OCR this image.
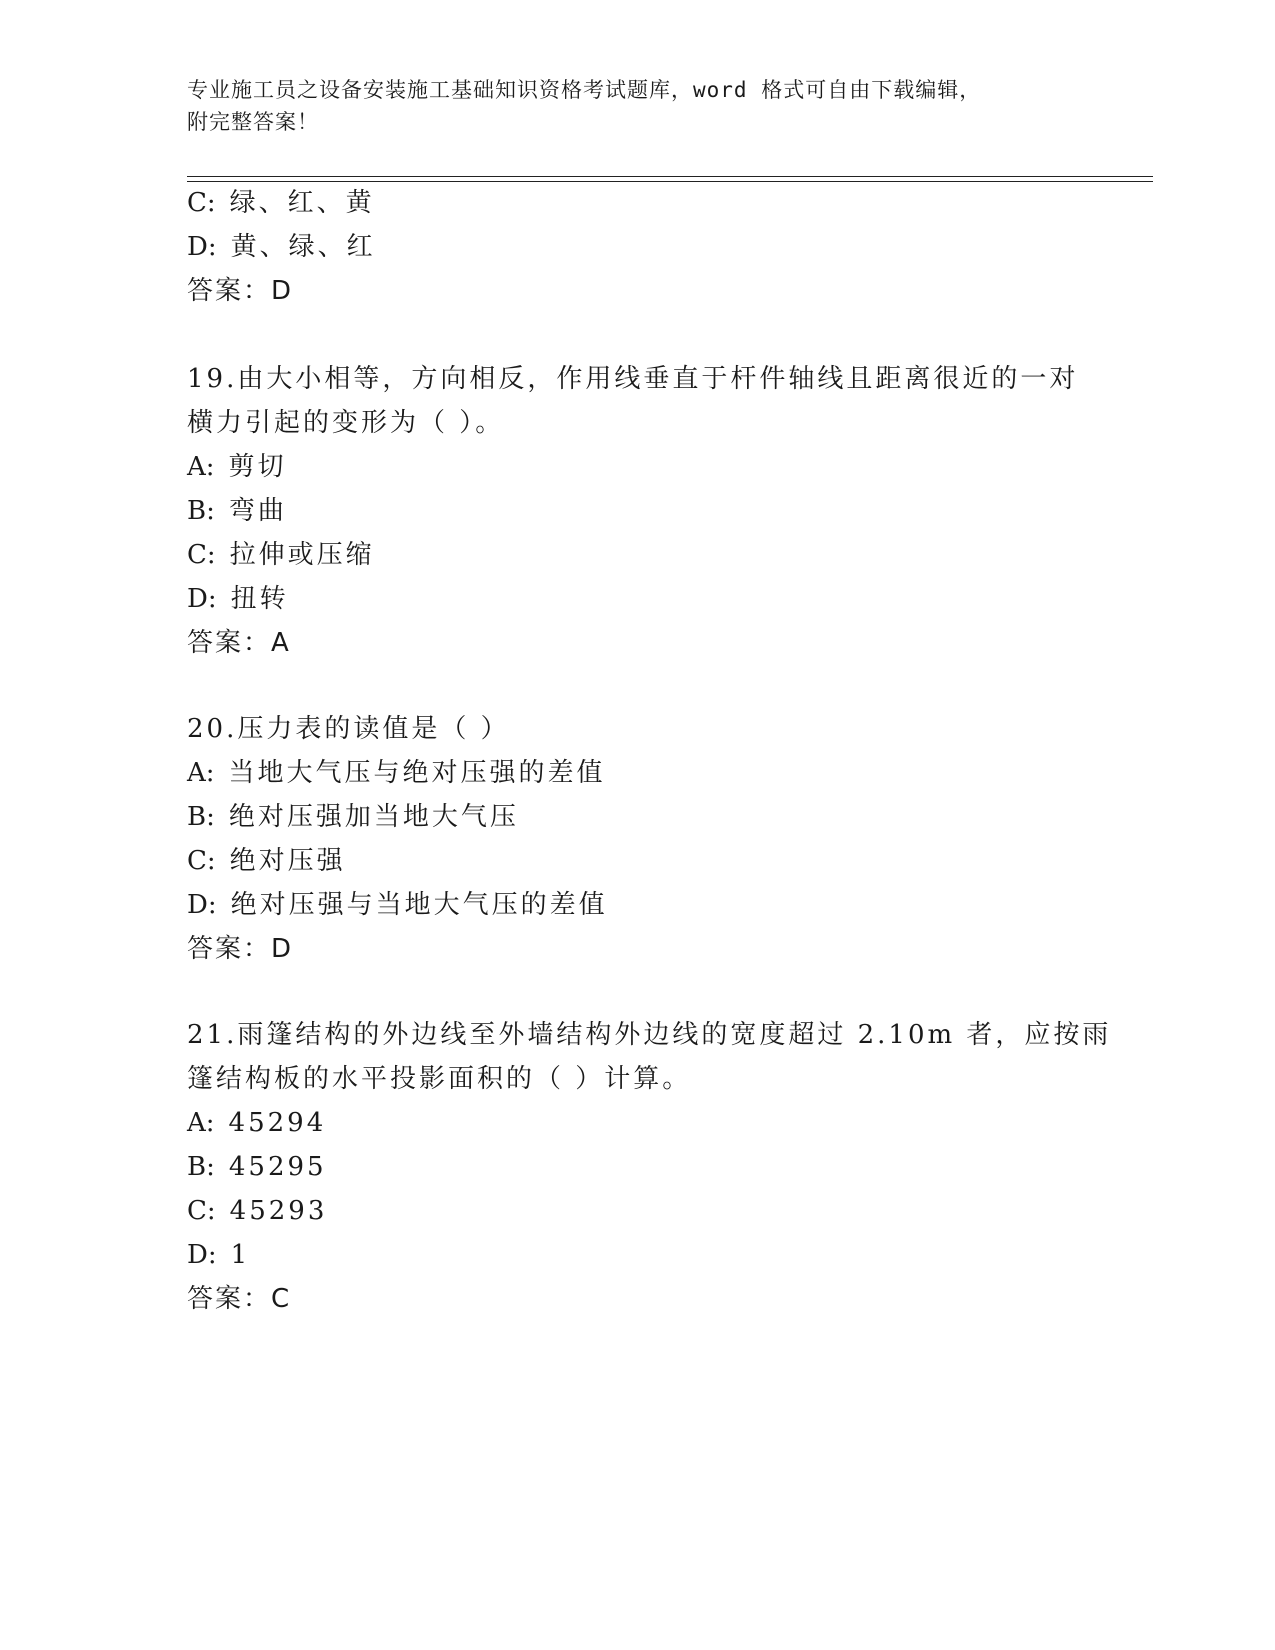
专业施工员之设备安装施工基础知识资格考试题库，word 格式可自由下载编辑，
附完整答案！
C: 绿、红、黄
D: 黄、绿、红
答案：D
19.由大小相等，方向相反，作用线垂直于杆件轴线且距离很近的一对
横力引起的变形为（ ）。
A: 剪切
B: 弯曲
C: 拉伸或压缩
D: 扭转
答案：A
20.压力表的读值是（ ）
A: 当地大气压与绝对压强的差值
B: 绝对压强加当地大气压
C: 绝对压强
D: 绝对压强与当地大气压的差值
答案：D
21.雨篷结构的外边线至外墙结构外边线的宽度超过 2.10m 者，应按雨
篷结构板的水平投影面积的（ ）计算。
A: 45294
B: 45295
C: 45293
D: 1
答案：C
